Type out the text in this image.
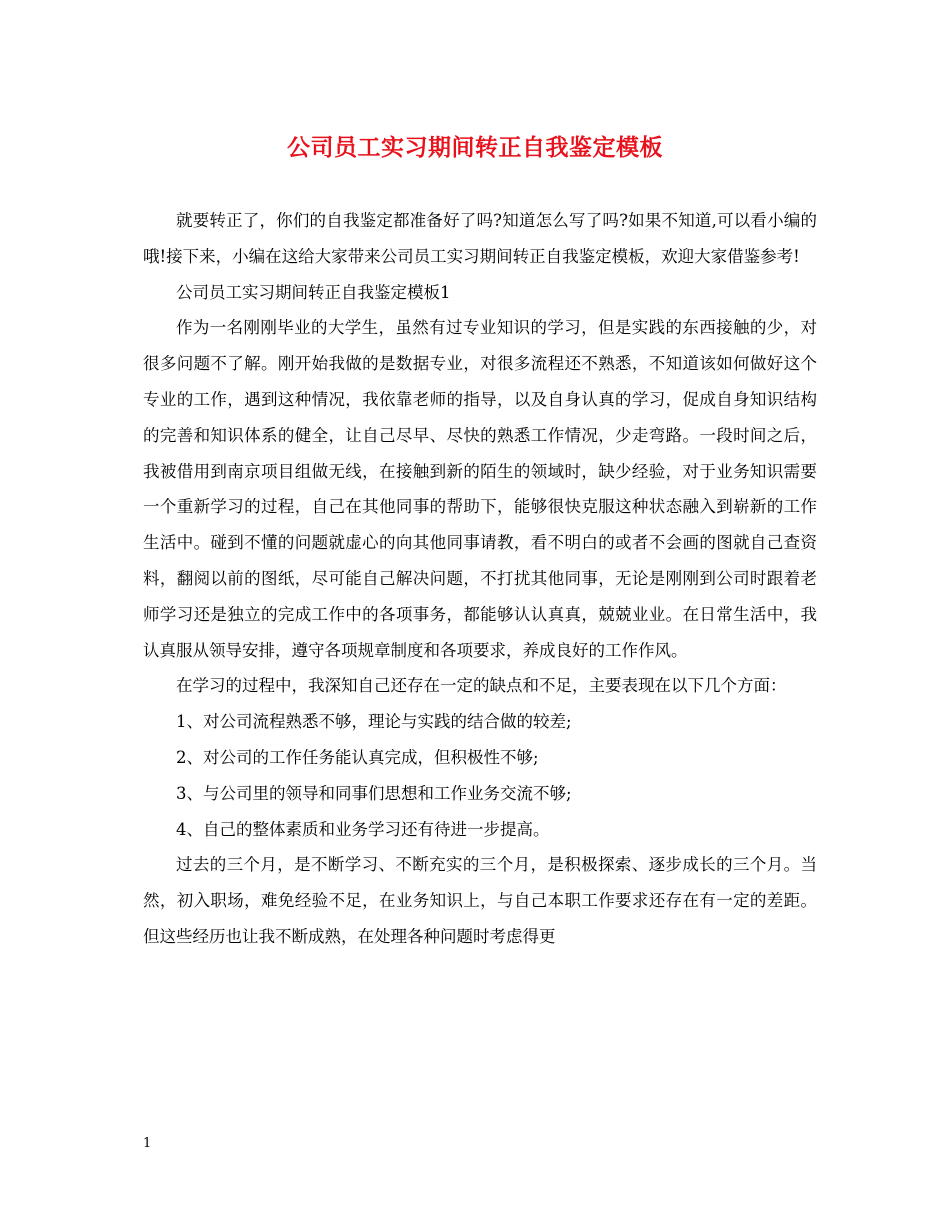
公司员工实习期间转正自我鉴定模板

就要转正了，你们的自我鉴定都准备好了吗?知道怎么写了吗?如果不知道,可以看小编的哦!接下来，小编在这给大家带来公司员工实习期间转正自我鉴定模板，欢迎大家借鉴参考!

公司员工实习期间转正自我鉴定模板1

作为一名刚刚毕业的大学生，虽然有过专业知识的学习，但是实践的东西接触的少，对很多问题不了解。刚开始我做的是数据专业，对很多流程还不熟悉，不知道该如何做好这个专业的工作，遇到这种情况，我依靠老师的指导，以及自身认真的学习，促成自身知识结构的完善和知识体系的健全，让自己尽早、尽快的熟悉工作情况，少走弯路。一段时间之后，我被借用到南京项目组做无线，在接触到新的陌生的领域时，缺少经验，对于业务知识需要一个重新学习的过程，自己在其他同事的帮助下，能够很快克服这种状态融入到崭新的工作生活中。碰到不懂的问题就虚心的向其他同事请教，看不明白的或者不会画的图就自己查资料，翻阅以前的图纸，尽可能自己解决问题，不打扰其他同事，无论是刚刚到公司时跟着老师学习还是独立的完成工作中的各项事务，都能够认认真真，兢兢业业。在日常生活中，我认真服从领导安排，遵守各项规章制度和各项要求，养成良好的工作作风。

在学习的过程中，我深知自己还存在一定的缺点和不足，主要表现在以下几个方面：

1、对公司流程熟悉不够，理论与实践的结合做的较差;

2、对公司的工作任务能认真完成，但积极性不够;

3、与公司里的领导和同事们思想和工作业务交流不够;

4、自己的整体素质和业务学习还有待进一步提高。

过去的三个月，是不断学习、不断充实的三个月，是积极探索、逐步成长的三个月。当然，初入职场，难免经验不足，在业务知识上，与自己本职工作要求还存在有一定的差距。但这些经历也让我不断成熟，在处理各种问题时考虑得更

1
